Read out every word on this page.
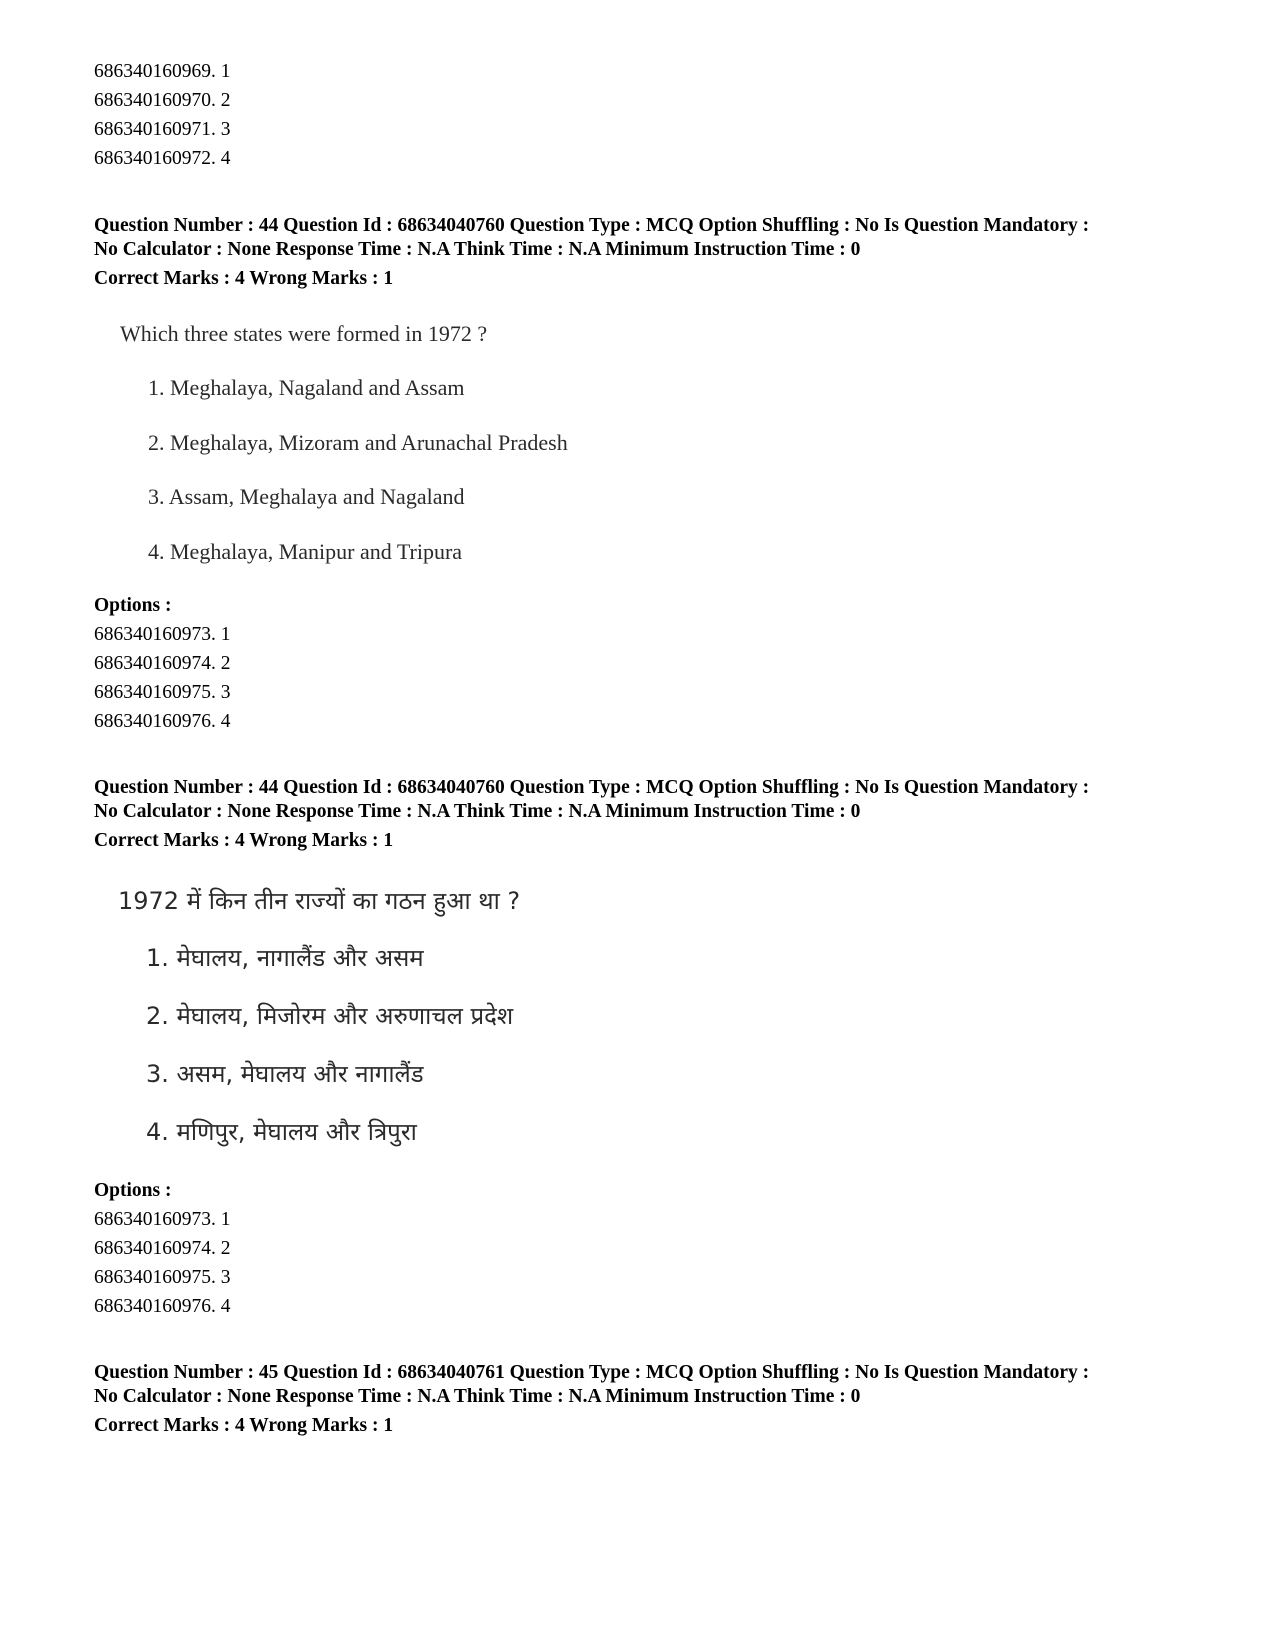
686340160969. 1
686340160970. 2
686340160971. 3
686340160972. 4
Question Number : 44 Question Id : 68634040760 Question Type : MCQ Option Shuffling : No Is Question Mandatory :
No Calculator : None Response Time : N.A Think Time : N.A Minimum Instruction Time : 0
Correct Marks : 4 Wrong Marks : 1
Which three states were formed in 1972 ?
1. Meghalaya, Nagaland and Assam
2. Meghalaya, Mizoram and Arunachal Pradesh
3. Assam, Meghalaya and Nagaland
4. Meghalaya, Manipur and Tripura
Options :
686340160973. 1
686340160974. 2
686340160975. 3
686340160976. 4
Question Number : 44 Question Id : 68634040760 Question Type : MCQ Option Shuffling : No Is Question Mandatory :
No Calculator : None Response Time : N.A Think Time : N.A Minimum Instruction Time : 0
Correct Marks : 4 Wrong Marks : 1
1972 में किन तीन राज्यों का गठन हुआ था ?
1. मेघालय, नागालैंड और असम
2. मेघालय, मिजोरम और अरुणाचल प्रदेश
3. असम, मेघालय और नागालैंड
4. मणिपुर, मेघालय और त्रिपुरा
Options :
686340160973. 1
686340160974. 2
686340160975. 3
686340160976. 4
Question Number : 45 Question Id : 68634040761 Question Type : MCQ Option Shuffling : No Is Question Mandatory :
No Calculator : None Response Time : N.A Think Time : N.A Minimum Instruction Time : 0
Correct Marks : 4 Wrong Marks : 1
